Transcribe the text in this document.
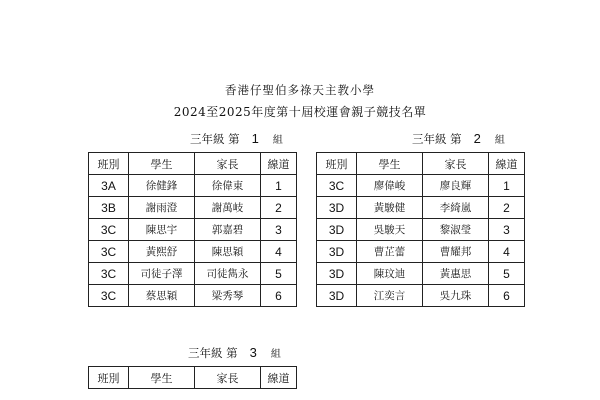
香港仔聖伯多祿天主教小學
2024至2025年度第十屆校運會親子競技名單
三年級 第 1 組	三年級 第 2 組
三年級 第 3 組
班別	學生	家長	線道
3A	徐健鋒	徐偉東	1
3B	謝雨澄	謝萬岐	2
3C	陳思宇	郭嘉碧	3
3C	黃熙舒	陳思穎	4
3C	司徒子澤	司徒雋永	5
3C	蔡思穎	梁秀琴	6
班別	學生	家長	線道
3C	廖偉峻	廖良輝	1
3D	黃駿健	李綺嵐	2
3D	吳駿天	黎淑瑩	3
3D	曹芷蕾	曹耀邦	4
3D	陳玟迪	黃惠思	5
3D	江奕言	吳九珠	6
班別	學生	家長	線道
